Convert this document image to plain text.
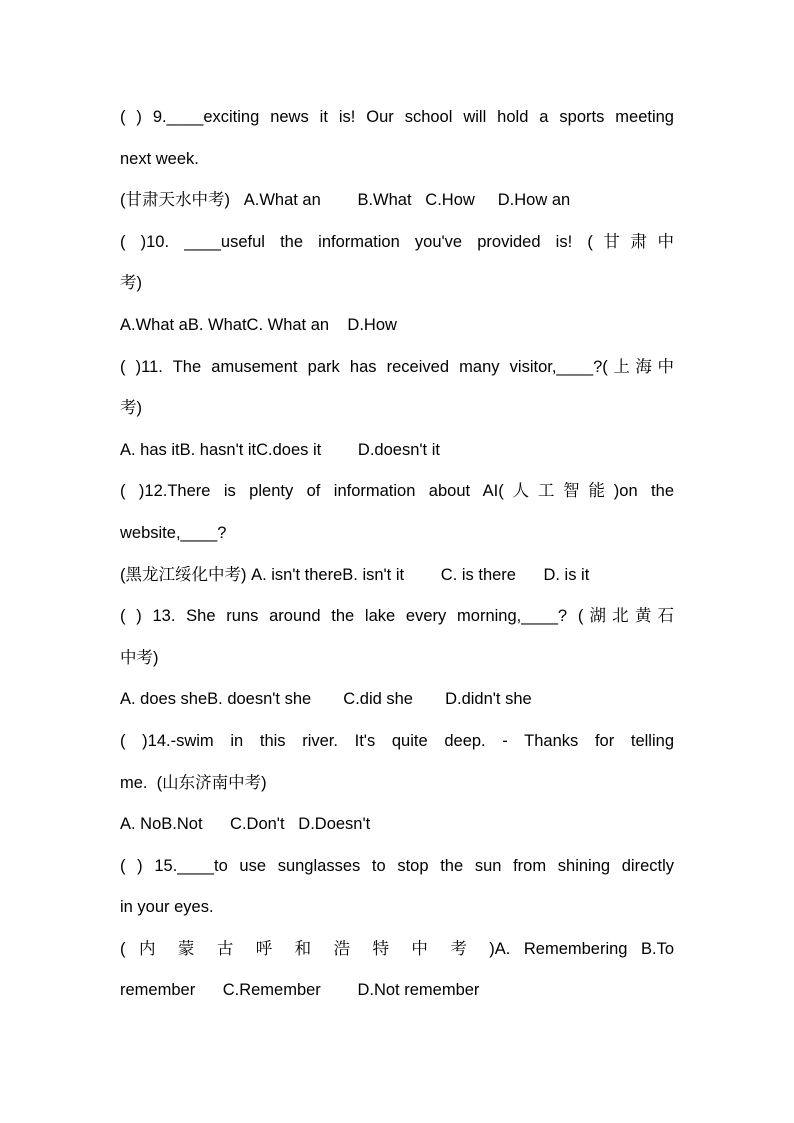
( ) 9.____exciting news it is! Our school will hold a sports meeting
next week.
(甘肃天水中考)   A.What an        B.What   C.How     D.How an
( )10. ____useful the information you've provided is! (甘肃中
考)
A.What aB. WhatC. What an    D.How
( )11. The amusement park has received many visitor,____?(上海中
考)
A. has itB. hasn't itC.does it        D.doesn't it
( )12.There is plenty of information about AI(人工智能)on the
website,____?
(黑龙江绥化中考) A. isn't thereB. isn't it        C. is there      D. is it
( ) 13. She runs around the lake every morning,____? (湖北黄石
中考)
A. does sheB. doesn't she       C.did she       D.didn't she
( )14.-swim in this river. It's quite deep. - Thanks for telling
me.  (山东济南中考)
A. NoB.Not      C.Don't   D.Doesn't
( ) 15.____to use sunglasses to stop the sun from shining directly
in your eyes.
( 内 蒙 古 呼 和 浩 特 中 考 )A. Remembering B.To
remember      C.Remember        D.Not remember
